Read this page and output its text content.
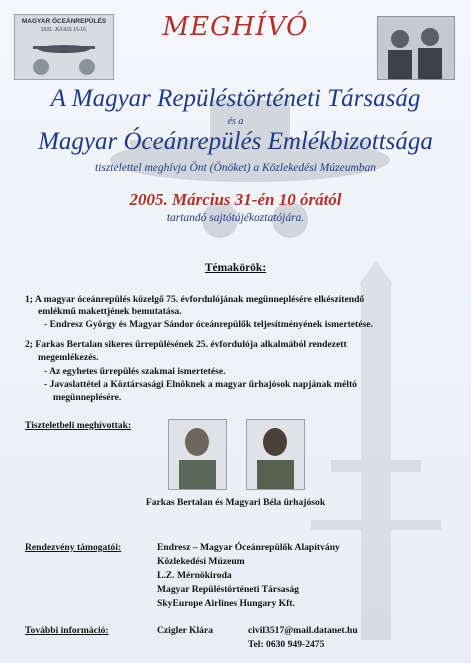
MAGYAR ÓCEÁNREPÜLÉS
1931. JÚLIUS 15-16.	MEGHÍVÓ
A Magyar Repüléstörténeti Társaság
és a
Magyar Óceánrepülés Emlékbizottsága
tisztelettel meghívja Önt (Önöket) a Közlekedési Múzeumban
2005. Március 31-én 10 órától
tartandó sajtótájékoztatójára.
Témakörök:
1; A magyar óceánrepülés közelgő 75. évfordulójának megünneplésére elkészítendő
emlékmű makettjének bemutatása.
- Endresz György és Magyar Sándor óceánrepülők teljesítményének ismertetése.
2; Farkas Bertalan sikeres űrrepülésének 25. évfordulója alkalmából rendezett
megemlékezés.
- Az egyhetes űrrepülés szakmai ismertetése.
- Javaslattétel a Köztársasági Elnöknek a magyar űrhajósok napjának méltó
megünneplésére.
Tiszteletbeli meghívottak:
Farkas Bertalan és Magyari Béla űrhajósok
Rendezvény támogatói:	Endresz – Magyar Óceánrepülők Alapítvány
Közlekedési Múzeum
L.Z. Mérnökiroda
Magyar Repüléstörténeti Társaság
SkyEurope Airlines Hungary Kft.
További információ:	Czigler Klára	civil3517@mail.datanet.hu
Tel: 0630 949-2475
